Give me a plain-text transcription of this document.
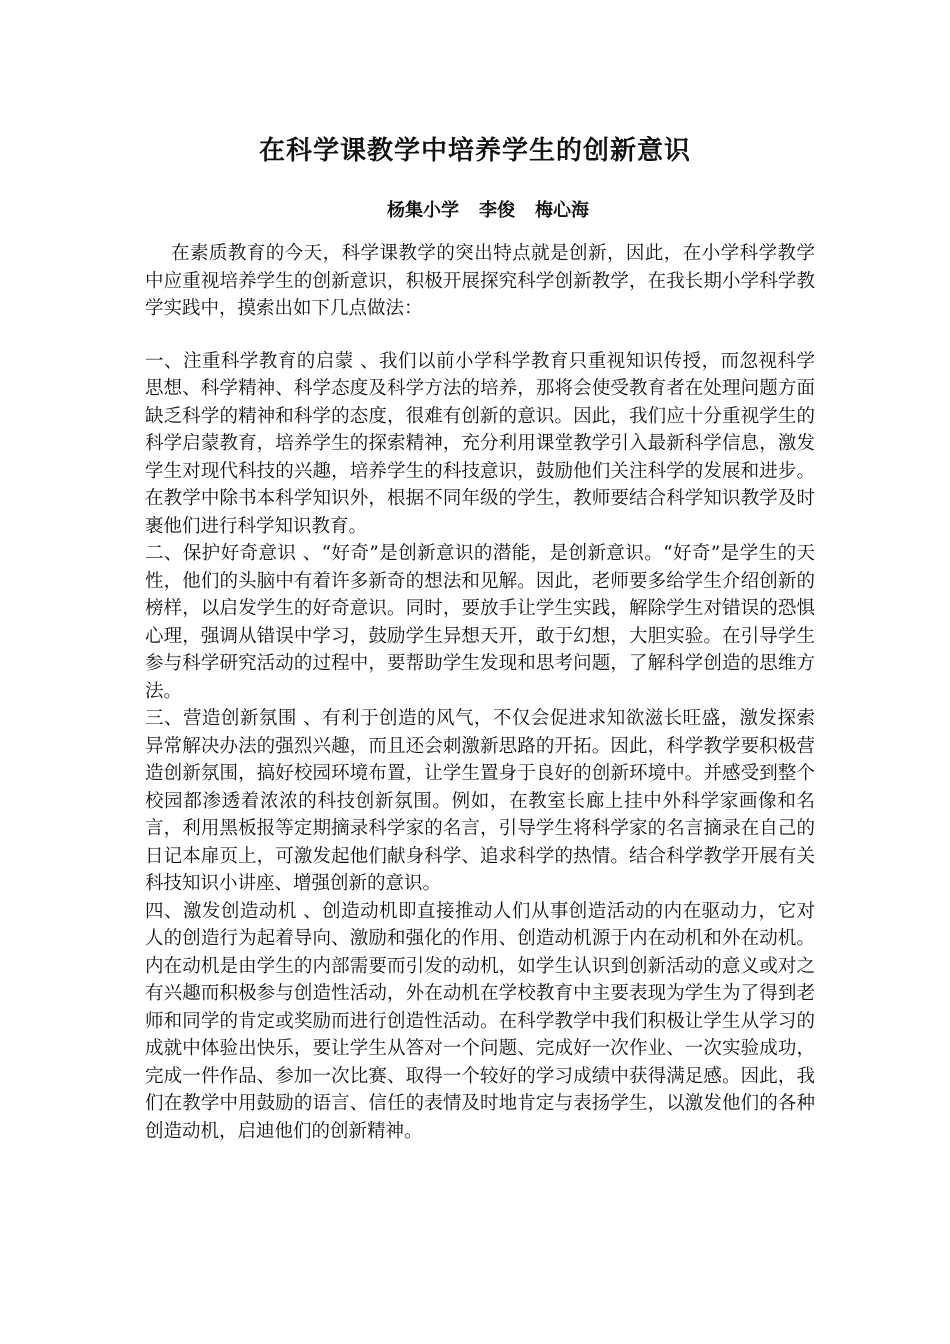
在科学课教学中培养学生的创新意识
杨集小学 李俊 梅心海

在素质教育的今天，科学课教学的突出特点就是创新，因此，在小学科学教学中应重视培养学生的创新意识，积极开展探究科学创新教学，在我长期小学科学教学实践中，摸索出如下几点做法：

一、注重科学教育的启蒙 、我们以前小学科学教育只重视知识传授，而忽视科学思想、科学精神、科学态度及科学方法的培养，那将会使受教育者在处理问题方面缺乏科学的精神和科学的态度，很难有创新的意识。因此，我们应十分重视学生的科学启蒙教育，培养学生的探索精神，充分利用课堂教学引入最新科学信息，激发学生对现代科技的兴趣，培养学生的科技意识，鼓励他们关注科学的发展和进步。在教学中除书本科学知识外，根据不同年级的学生，教师要结合科学知识教学及时裹他们进行科学知识教育。

二、保护好奇意识 、“好奇”是创新意识的潜能，是创新意识。“好奇”是学生的天性，他们的头脑中有着许多新奇的想法和见解。因此，老师要多给学生介绍创新的榜样，以启发学生的好奇意识。同时，要放手让学生实践，解除学生对错误的恐惧心理，强调从错误中学习，鼓励学生异想天开，敢于幻想，大胆实验。在引导学生参与科学研究活动的过程中，要帮助学生发现和思考问题，了解科学创造的思维方法。

三、营造创新氛围 、有利于创造的风气，不仅会促进求知欲滋长旺盛，激发探索异常解决办法的强烈兴趣，而且还会刺激新思路的开拓。因此，科学教学要积极营造创新氛围，搞好校园环境布置，让学生置身于良好的创新环境中。并感受到整个校园都渗透着浓浓的科技创新氛围。例如，在教室长廊上挂中外科学家画像和名言，利用黑板报等定期摘录科学家的名言，引导学生将科学家的名言摘录在自己的日记本扉页上，可激发起他们献身科学、追求科学的热情。结合科学教学开展有关科技知识小讲座、增强创新的意识。

四、激发创造动机 、创造动机即直接推动人们从事创造活动的内在驱动力，它对人的创造行为起着导向、激励和强化的作用、创造动机源于内在动机和外在动机。内在动机是由学生的内部需要而引发的动机，如学生认识到创新活动的意义或对之有兴趣而积极参与创造性活动，外在动机在学校教育中主要表现为学生为了得到老师和同学的肯定或奖励而进行创造性活动。在科学教学中我们积极让学生从学习的成就中体验出快乐，要让学生从答对一个问题、完成好一次作业、一次实验成功，完成一件作品、参加一次比赛、取得一个较好的学习成绩中获得满足感。因此，我们在教学中用鼓励的语言、信任的表情及时地肯定与表扬学生，以激发他们的各种创造动机，启迪他们的创新精神。
